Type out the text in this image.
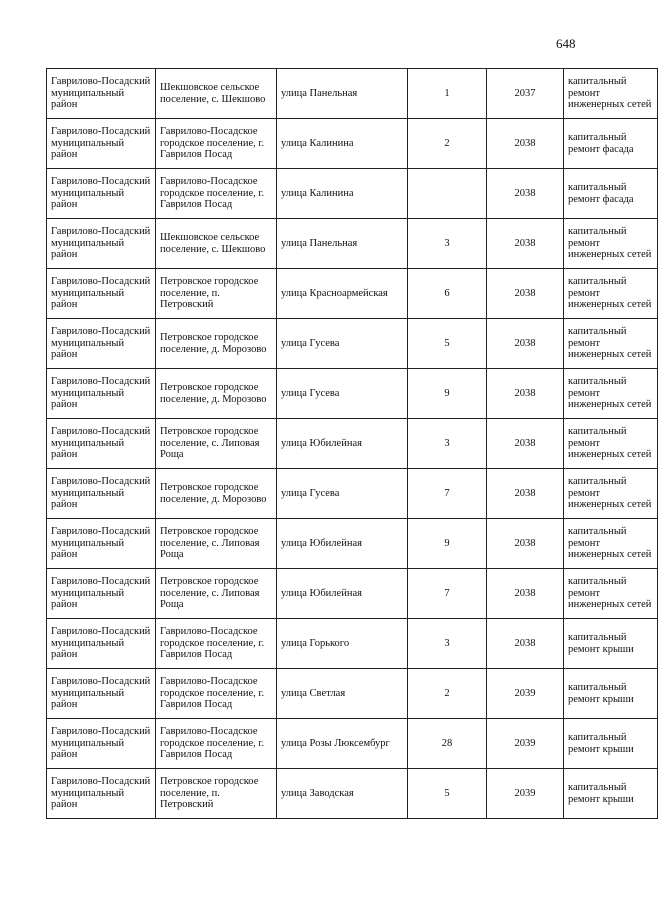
648
Гаврилово-Посадский муниципальный район	Шекшовское сельское поселение, с. Шекшово	улица Панельная	1	2037	капитальный ремонт инженерных сетей
Гаврилово-Посадский муниципальный район	Гаврилово-Посадское городское поселение, г. Гаврилов Посад	улица Калинина	2	2038	капитальный ремонт фасада
Гаврилово-Посадский муниципальный район	Гаврилово-Посадское городское поселение, г. Гаврилов Посад	улица Калинина		2038	капитальный ремонт фасада
Гаврилово-Посадский муниципальный район	Шекшовское сельское поселение, с. Шекшово	улица Панельная	3	2038	капитальный ремонт инженерных сетей
Гаврилово-Посадский муниципальный район	Петровское городское поселение, п. Петровский	улица Красноармейская	6	2038	капитальный ремонт инженерных сетей
Гаврилово-Посадский муниципальный район	Петровское городское поселение, д. Морозово	улица Гусева	5	2038	капитальный ремонт инженерных сетей
Гаврилово-Посадский муниципальный район	Петровское городское поселение, д. Морозово	улица Гусева	9	2038	капитальный ремонт инженерных сетей
Гаврилово-Посадский муниципальный район	Петровское городское поселение, с. Липовая Роща	улица Юбилейная	3	2038	капитальный ремонт инженерных сетей
Гаврилово-Посадский муниципальный район	Петровское городское поселение, д. Морозово	улица Гусева	7	2038	капитальный ремонт инженерных сетей
Гаврилово-Посадский муниципальный район	Петровское городское поселение, с. Липовая Роща	улица Юбилейная	9	2038	капитальный ремонт инженерных сетей
Гаврилово-Посадский муниципальный район	Петровское городское поселение, с. Липовая Роща	улица Юбилейная	7	2038	капитальный ремонт инженерных сетей
Гаврилово-Посадский муниципальный район	Гаврилово-Посадское городское поселение, г. Гаврилов Посад	улица Горького	3	2038	капитальный ремонт крыши
Гаврилово-Посадский муниципальный район	Гаврилово-Посадское городское поселение, г. Гаврилов Посад	улица Светлая	2	2039	капитальный ремонт крыши
Гаврилово-Посадский муниципальный район	Гаврилово-Посадское городское поселение, г. Гаврилов Посад	улица Розы Люксембург	28	2039	капитальный ремонт крыши
Гаврилово-Посадский муниципальный район	Петровское городское поселение, п. Петровский	улица Заводская	5	2039	капитальный ремонт крыши
